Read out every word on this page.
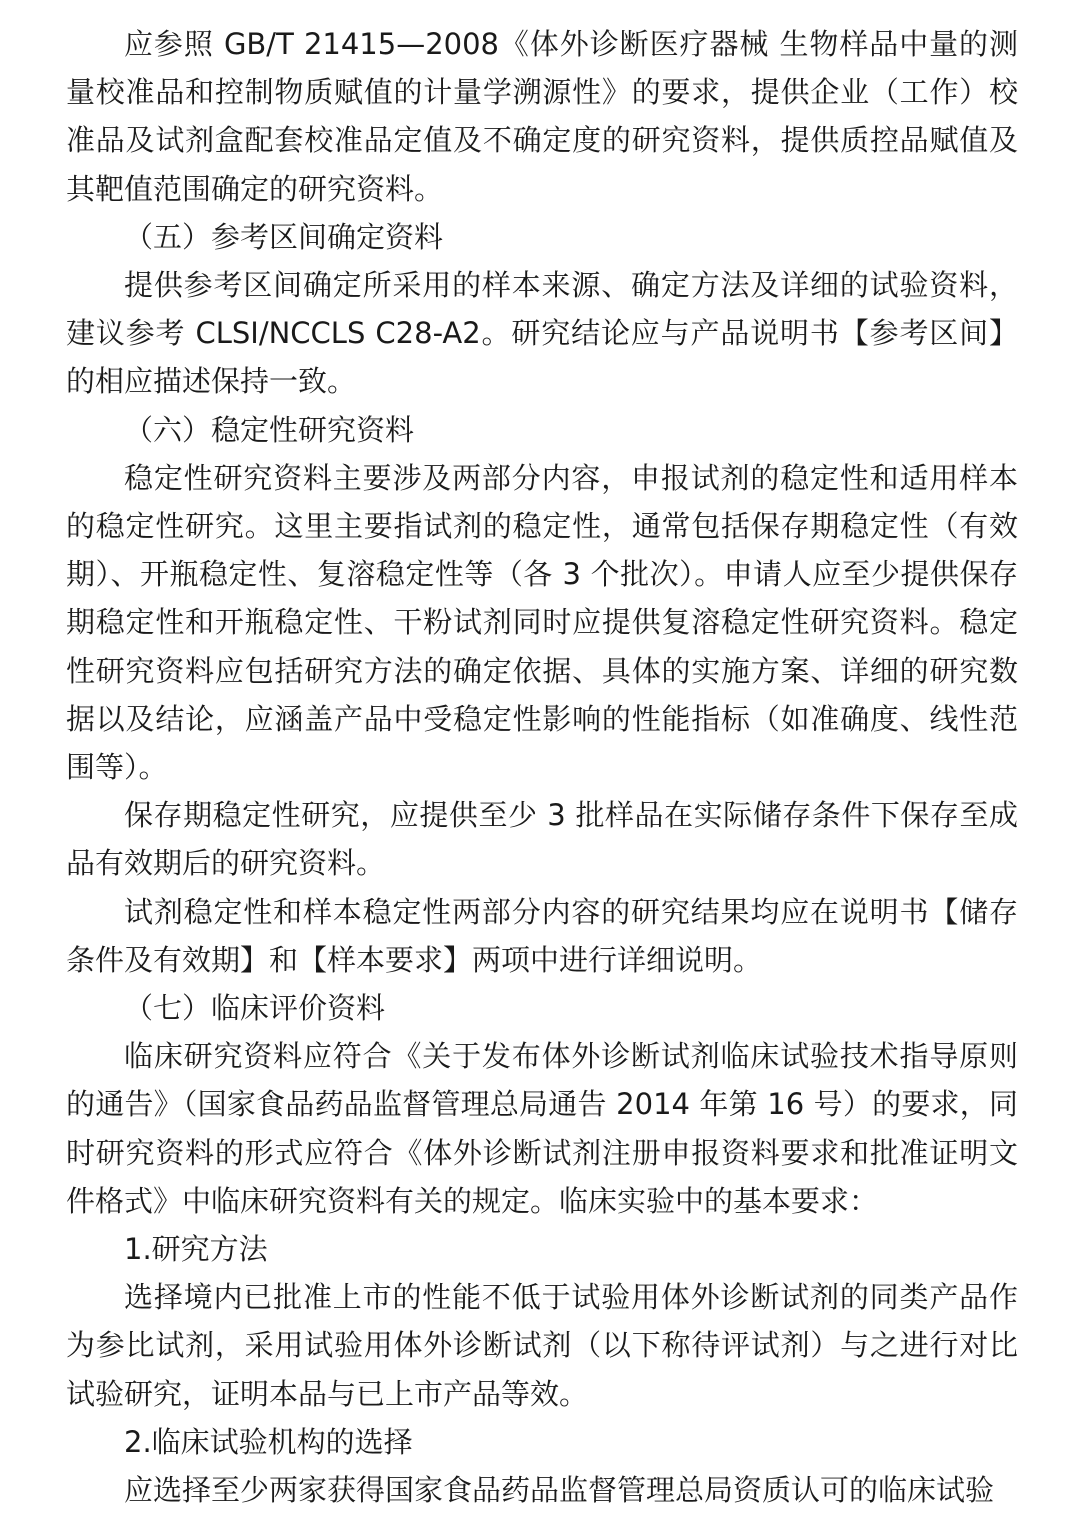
应参照 GB/T 21415—2008《体外诊断医疗器械 生物样品中量的测量校准品和控制物质赋值的计量学溯源性》的要求，提供企业（工作）校准品及试剂盒配套校准品定值及不确定度的研究资料，提供质控品赋值及其靶值范围确定的研究资料。

（五）参考区间确定资料

提供参考区间确定所采用的样本来源、确定方法及详细的试验资料，建议参考 CLSI/NCCLS C28-A2。研究结论应与产品说明书【参考区间】的相应描述保持一致。

（六）稳定性研究资料

稳定性研究资料主要涉及两部分内容，申报试剂的稳定性和适用样本的稳定性研究。这里主要指试剂的稳定性，通常包括保存期稳定性（有效期）、开瓶稳定性、复溶稳定性等（各 3 个批次）。申请人应至少提供保存期稳定性和开瓶稳定性、干粉试剂同时应提供复溶稳定性研究资料。稳定性研究资料应包括研究方法的确定依据、具体的实施方案、详细的研究数据以及结论，应涵盖产品中受稳定性影响的性能指标（如准确度、线性范围等）。

保存期稳定性研究，应提供至少 3 批样品在实际储存条件下保存至成品有效期后的研究资料。

试剂稳定性和样本稳定性两部分内容的研究结果均应在说明书【储存条件及有效期】和【样本要求】两项中进行详细说明。

（七）临床评价资料

临床研究资料应符合《关于发布体外诊断试剂临床试验技术指导原则的通告》（国家食品药品监督管理总局通告 2014 年第 16 号）的要求，同时研究资料的形式应符合《体外诊断试剂注册申报资料要求和批准证明文件格式》中临床研究资料有关的规定。临床实验中的基本要求：

1.研究方法

选择境内已批准上市的性能不低于试验用体外诊断试剂的同类产品作为参比试剂，采用试验用体外诊断试剂（以下称待评试剂）与之进行对比试验研究，证明本品与已上市产品等效。

2.临床试验机构的选择

应选择至少两家获得国家食品药品监督管理总局资质认可的临床试验
